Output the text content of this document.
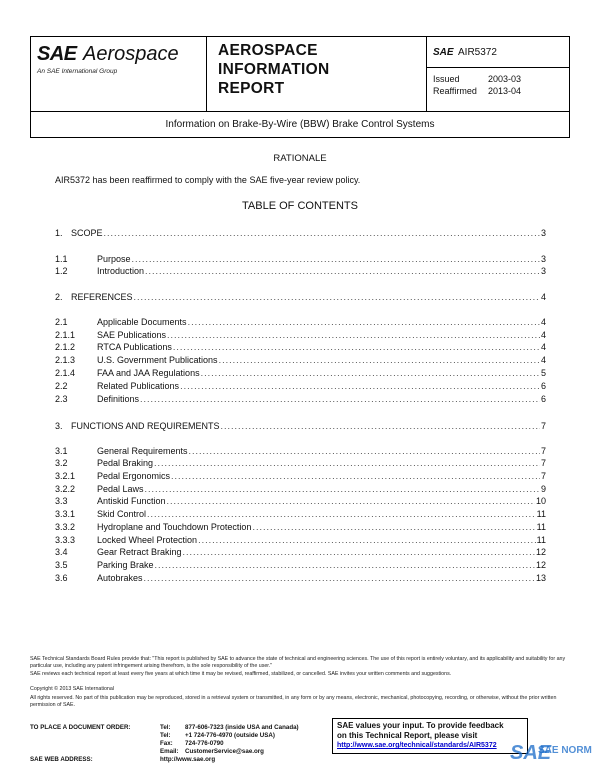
SAE Aerospace
An SAE International Group
AEROSPACE
INFORMATION
REPORT
SAE AIR5372
Issued	2003-03
Reaffirmed 2013-04
Information on Brake-By-Wire (BBW) Brake Control Systems
RATIONALE
AIR5372 has been reaffirmed to comply with the SAE five-year review policy.
TABLE OF CONTENTS
1. SCOPE .....	3
1.1	Purpose .....	3
1.2	Introduction .....	3
2. REFERENCES .....	4
2.1	Applicable Documents .....	4
2.1.1	SAE Publications .....	4
2.1.2	RTCA Publications .....	4
2.1.3	U.S. Government Publications .....	4
2.1.4	FAA and JAA Regulations .....	5
2.2	Related Publications .....	6
2.3	Definitions .....	6
3. FUNCTIONS AND REQUIREMENTS .....	7
3.1	General Requirements .....	7
3.2	Pedal Braking .....	7
3.2.1	Pedal Ergonomics .....	7
3.2.2	Pedal Laws .....	9
3.3	Antiskid Function .....	10
3.3.1	Skid Control .....	11
3.3.2	Hydroplane and Touchdown Protection .....	11
3.3.3	Locked Wheel Protection .....	11
3.4	Gear Retract Braking .....	12
3.5	Parking Brake .....	12
3.6	Autobrakes .....	13
SAE Technical Standards Board Rules provide that: "This report is published by SAE to advance the state of technical and engineering sciences. The use of this report is entirely voluntary, and its applicability and suitability for any particular use, including any patent infringement arising therefrom, is the sole responsibility of the user."
SAE reviews each technical report at least every five years at which time it may be revised, reaffirmed, stabilized, or cancelled. SAE invites your written comments and suggestions.
Copyright © 2013 SAE International
All rights reserved. No part of this publication may be reproduced, stored in a retrieval system or transmitted, in any form or by any means, electronic, mechanical, photocopying, recording, or otherwise, without the prior written permission of SAE.
TO PLACE A DOCUMENT ORDER:	Tel: 877-606-7323 (inside USA and Canada)
Tel: +1 724-776-4970 (outside USA)
Fax: 724-776-0790
Email: CustomerService@sae.org
SAE WEB ADDRESS:	http://www.sae.org
SAE values your input. To provide feedback
on this Technical Report, please visit
http://www.sae.org/technical/standards/AIR5372 SAE
SAE NORM
